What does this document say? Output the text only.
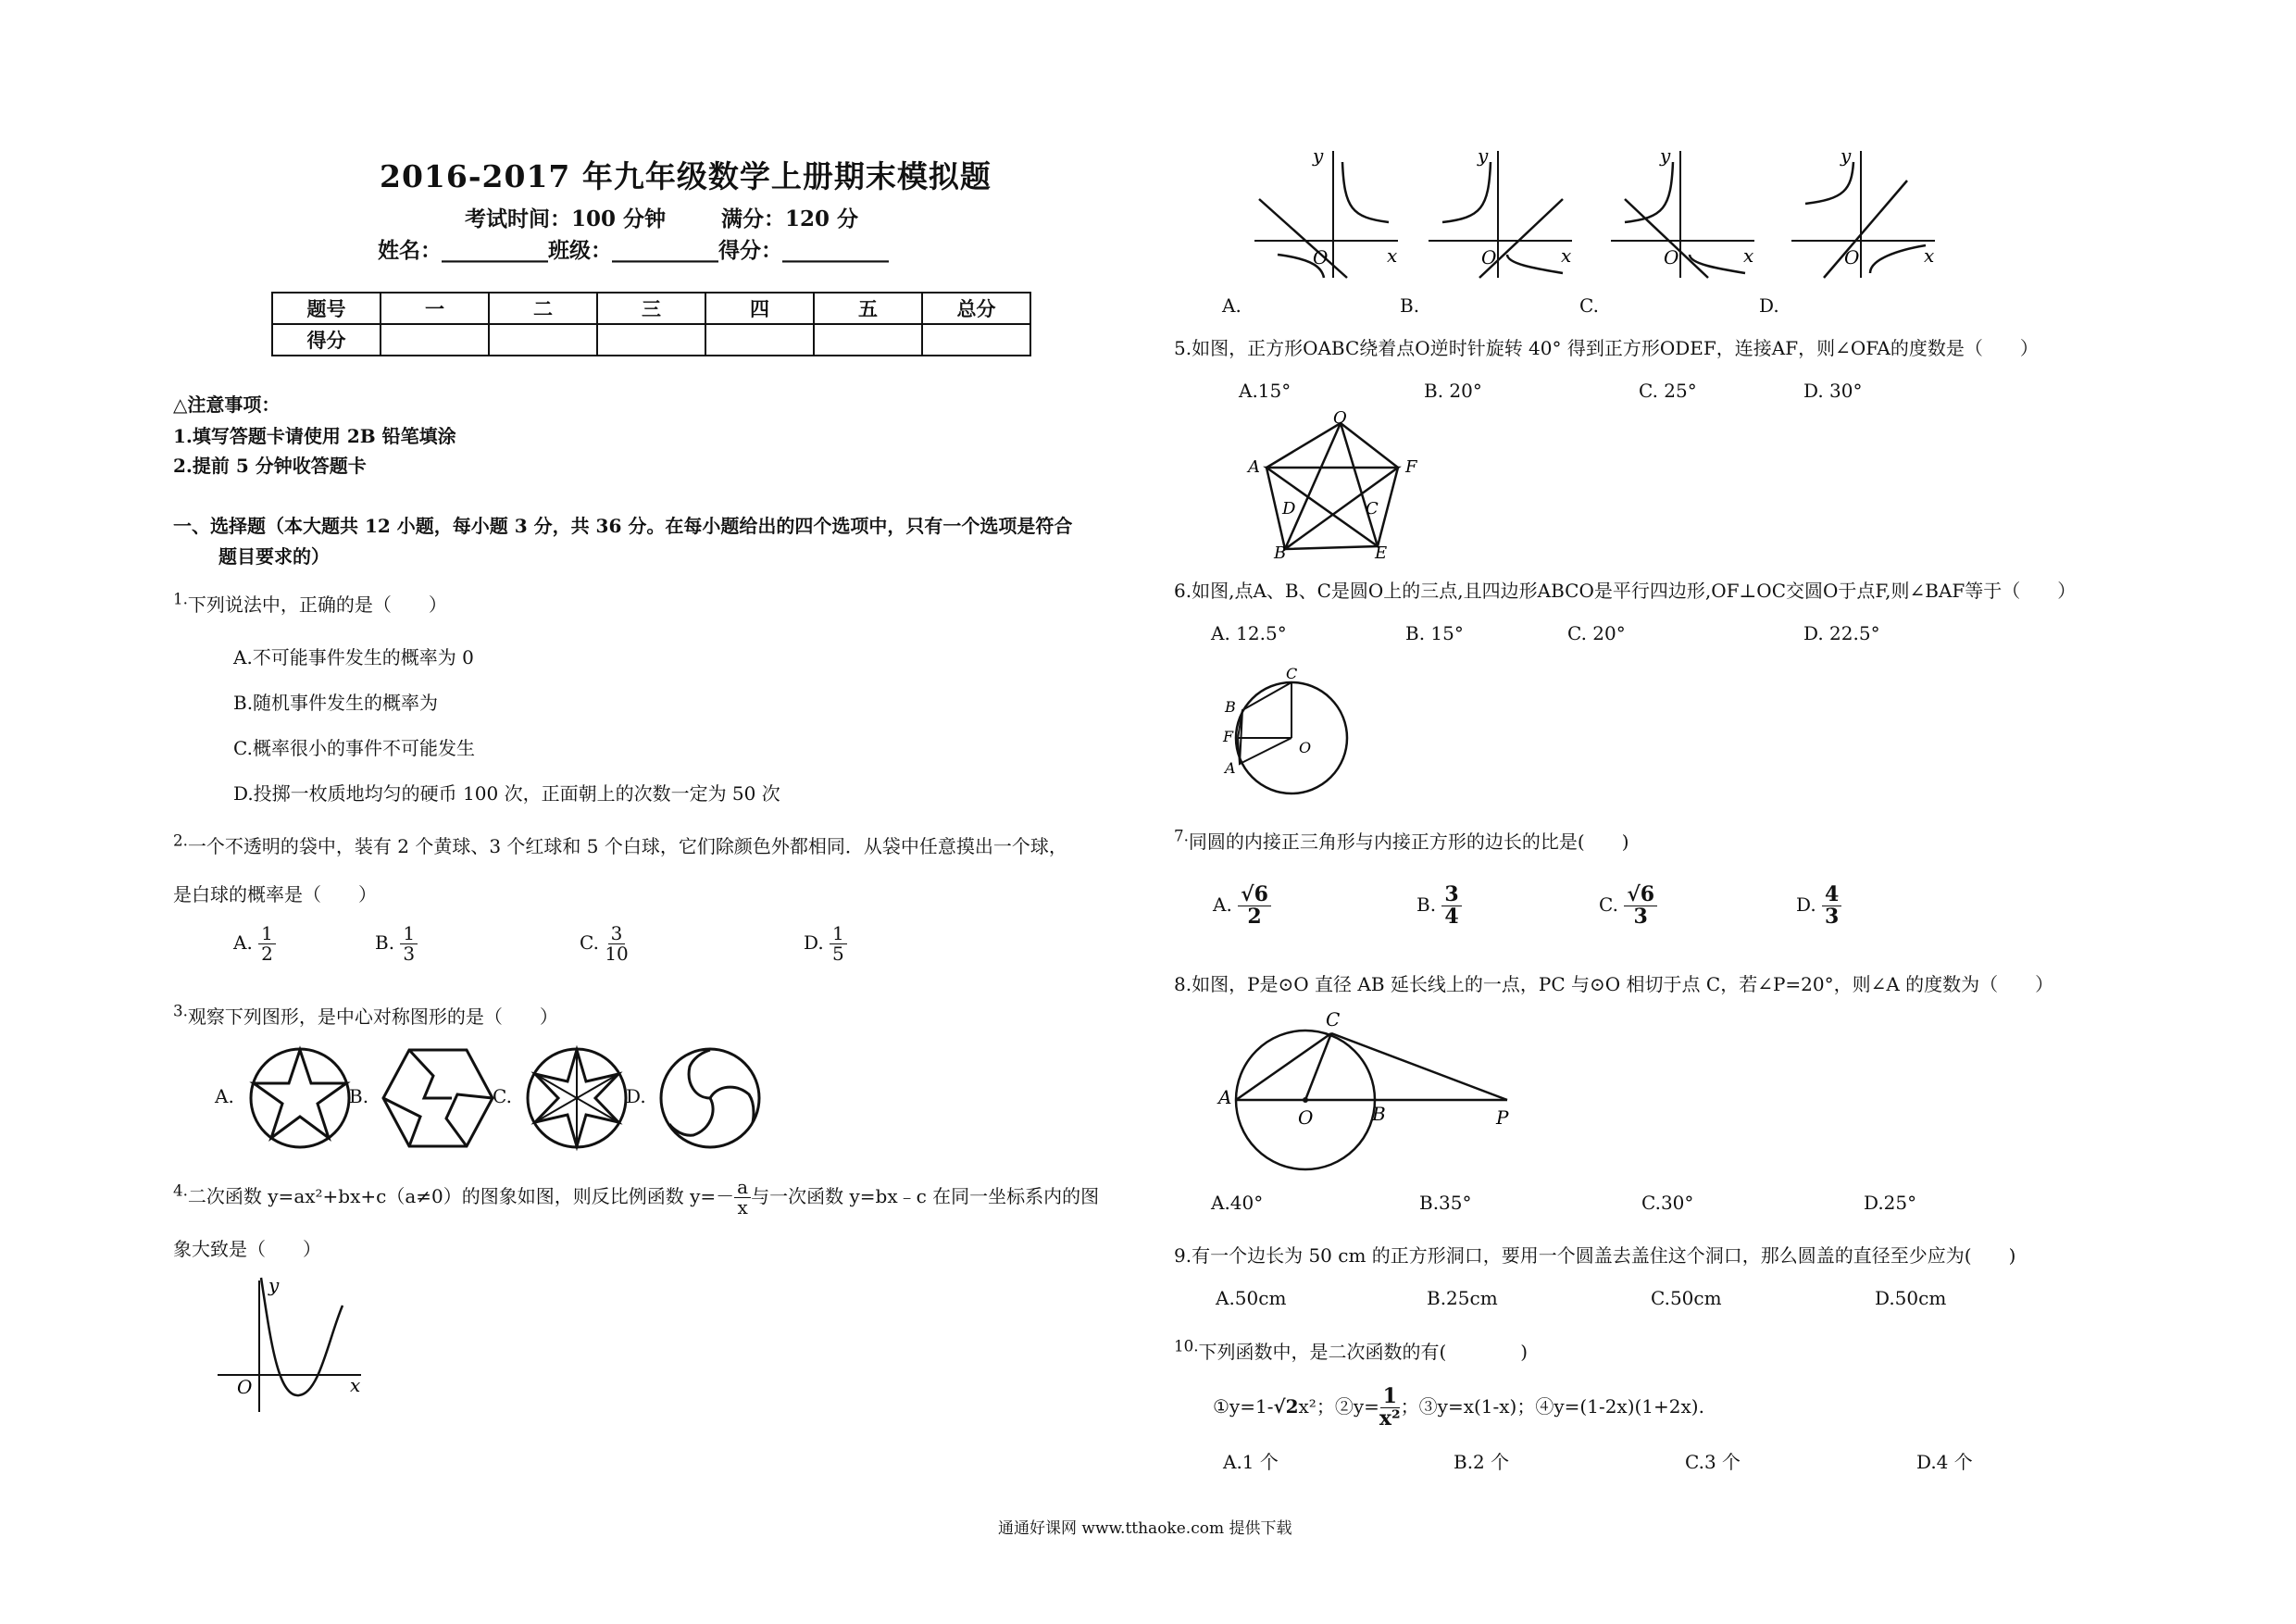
2016-2017 年九年级数学上册期末模拟题
考试时间：100 分钟	满分：120 分
姓名：__________班级：__________得分：__________
题号	一	二	三	四	五	总分
得分						
△注意事项：
1.填写答题卡请使用 2B 铅笔填涂
2.提前 5 分钟收答题卡
一、选择题（本大题共 12 小题，每小题 3 分，共 36 分。在每小题给出的四个选项中，只有一个选项是符合
题目要求的）
$^{1.}$下列说法中，正确的是（　　）
A.不可能事件发生的概率为 0
B.随机事件发生的概率为
C.概率很小的事件不可能发生
D.投掷一枚质地均匀的硬币 100 次，正面朝上的次数一定为 50 次
$^{2.}$一个不透明的袋中，装有 2 个黄球、3 个红球和 5 个白球，它们除颜色外都相同．从袋中任意摸出一个球，
是白球的概率是（　　）
A. $\frac{1}{2}$	B. $\frac{1}{3}$	C. $\frac{3}{10}$	D. $\frac{1}{5}$
$^{3.}$观察下列图形，是中心对称图形的是（　　）
A.	B.	C.	D.
$^{4.}$二次函数 y=ax²+bx+c（a≠0）的图象如图，则反比例函数 $y=- \frac{a}{x}$ 与一次函数 y=bx﹣c 在同一坐标系内的图
象大致是（　　）
y
x
O
y
x
O
A.
y
x
O
B.
y
x
O
C.
y
x
O
D.
5.如图，正方形OABC绕着点O逆时针旋转 40° 得到正方形ODEF，连接AF，则∠OFA的度数是（　　）
A.15°	B. 20°	C. 25°	D. 30°
O
A	F
D	C
B	E
6.如图,点A、B、C是圆O上的三点,且四边形ABCO是平行四边形,OF⊥OC交圆O于点F,则∠BAF等于（　　）
A. 12.5°	B. 15°	C. 20°	D. 22.5°
C
B
F
A
O
$^{7.}$同圆的内接正三角形与内接正方形的边长的比是(　　)
A. $\frac{√6}{2}$	B. $\frac{3}{4}$	C. $\frac{√6}{3}$	D. $\frac{4}{3}$
8.如图，P是⊙O 直径 AB 延长线上的一点，PC 与⊙O 相切于点 C，若∠P=20°，则∠A 的度数为（　　）
C
A
O	B	P
A.40°	B.35°	C.30°	D.25°
9.有一个边长为 50 cm 的正方形洞口，要用一个圆盖去盖住这个洞口，那么圆盖的直径至少应为(　　)
A.50cm	B.25cm	C.50cm	D.50cm
$^{10.}$下列函数中，是二次函数的有(　　　　)
①y=1-√2x²；②y= $\frac{1}{\text{x²}}$ ；③y=x(1-x)；④y=(1-2x)(1+2x).
A.1 个	B.2 个	C.3 个	D.4 个
通通好课网 www.tthaoke.com 提供下载
